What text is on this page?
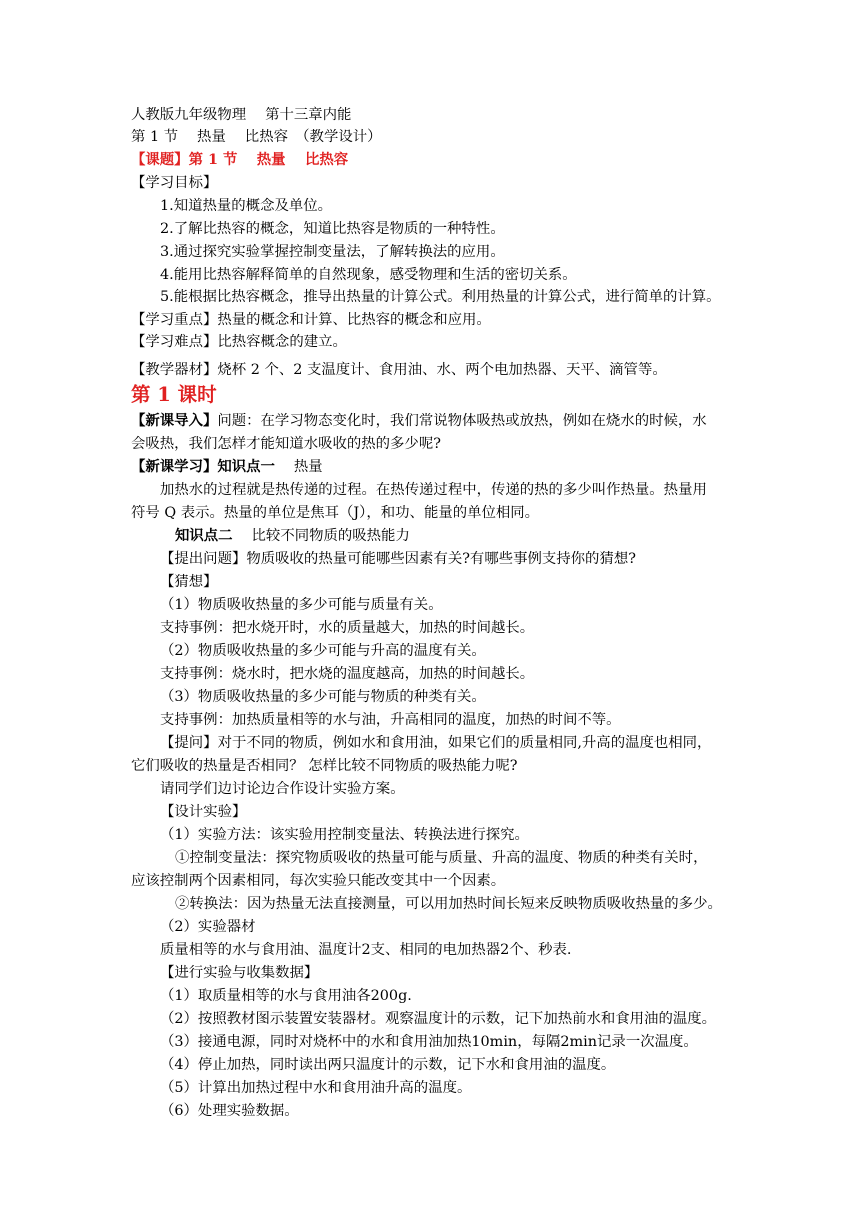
人教版九年级物理　 第十三章内能
第 1 节　 热量　 比热容　（教学设计）
【课题】第 1 节　 热量　 比热容
【学习目标】
1.知道热量的概念及单位。
2.了解比热容的概念，知道比热容是物质的一种特性。
3.通过探究实验掌握控制变量法，了解转换法的应用。
4.能用比热容解释简单的自然现象，感受物理和生活的密切关系。
5.能根据比热容概念，推导出热量的计算公式。利用热量的计算公式，进行简单的计算。
【学习重点】热量的概念和计算、比热容的概念和应用。
【学习难点】比热容概念的建立。
【教学器材】烧杯 2 个、2 支温度计、食用油、水、两个电加热器、天平、滴管等。
第 1 课时
【新课导入】问题：在学习物态变化时，我们常说物体吸热或放热，例如在烧水的时候，水
会吸热，我们怎样才能知道水吸收的热的多少呢?
【新课学习】知识点一　 热量
加热水的过程就是热传递的过程。在热传递过程中，传递的热的多少叫作热量。热量用
符号 Q 表示。热量的单位是焦耳（J），和功、能量的单位相同。
知识点二　 比较不同物质的吸热能力
【提出问题】物质吸收的热量可能哪些因素有关?有哪些事例支持你的猜想?
【猜想】
（1）物质吸收热量的多少可能与质量有关。
支持事例：把水烧开时，水的质量越大，加热的时间越长。
（2）物质吸收热量的多少可能与升高的温度有关。
支持事例：烧水时，把水烧的温度越高，加热的时间越长。
（3）物质吸收热量的多少可能与物质的种类有关。
支持事例：加热质量相等的水与油，升高相同的温度，加热的时间不等。
【提问】对于不同的物质，例如水和食用油，如果它们的质量相同,升高的温度也相同，
它们吸收的热量是否相同？ 怎样比较不同物质的吸热能力呢?
请同学们边讨论边合作设计实验方案。
【设计实验】
（1）实验方法：该实验用控制变量法、转换法进行探究。
①控制变量法：探究物质吸收的热量可能与质量、升高的温度、物质的种类有关时，
应该控制两个因素相同，每次实验只能改变其中一个因素。
②转换法：因为热量无法直接测量，可以用加热时间长短来反映物质吸收热量的多少。
（2）实验器材
质量相等的水与食用油、温度计2支、相同的电加热器2个、秒表.
【进行实验与收集数据】
（1）取质量相等的水与食用油各200g.
（2）按照教材图示装置安装器材。观察温度计的示数，记下加热前水和食用油的温度。
（3）接通电源，同时对烧杯中的水和食用油加热10min，每隔2min记录一次温度。
（4）停止加热，同时读出两只温度计的示数，记下水和食用油的温度。
（5）计算出加热过程中水和食用油升高的温度。
（6）处理实验数据。
